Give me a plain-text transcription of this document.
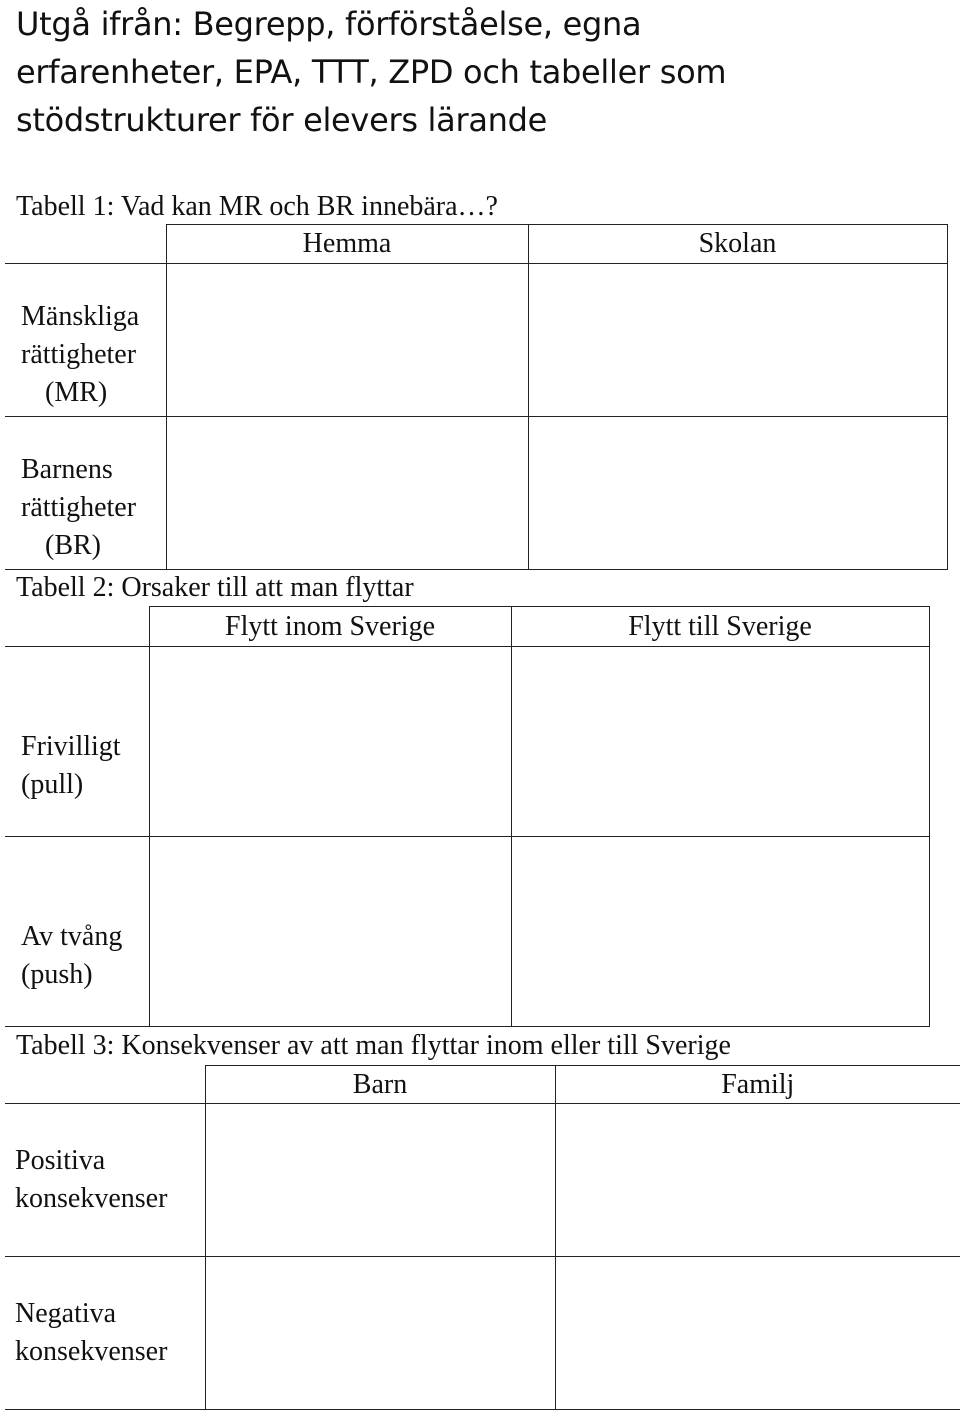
Utgå ifrån: Begrepp, förförståelse, egna
erfarenheter, EPA, TTT, ZPD och tabeller som
stödstrukturer för elevers lärande

Tabell 1: Vad kan MR och BR innebära…?

	Hemma	Skolan

Mänskliga
rättigheter
(MR)		

Barnens
rättigheter
(BR)		

Tabell 2: Orsaker till att man flyttar

	Flytt inom Sverige	Flytt till Sverige

Frivilligt
(pull)		

Av tvång
(push)		

Tabell 3: Konsekvenser av att man flyttar inom eller till Sverige

	Barn	Familj

Positiva
konsekvenser		

Negativa
konsekvenser		
